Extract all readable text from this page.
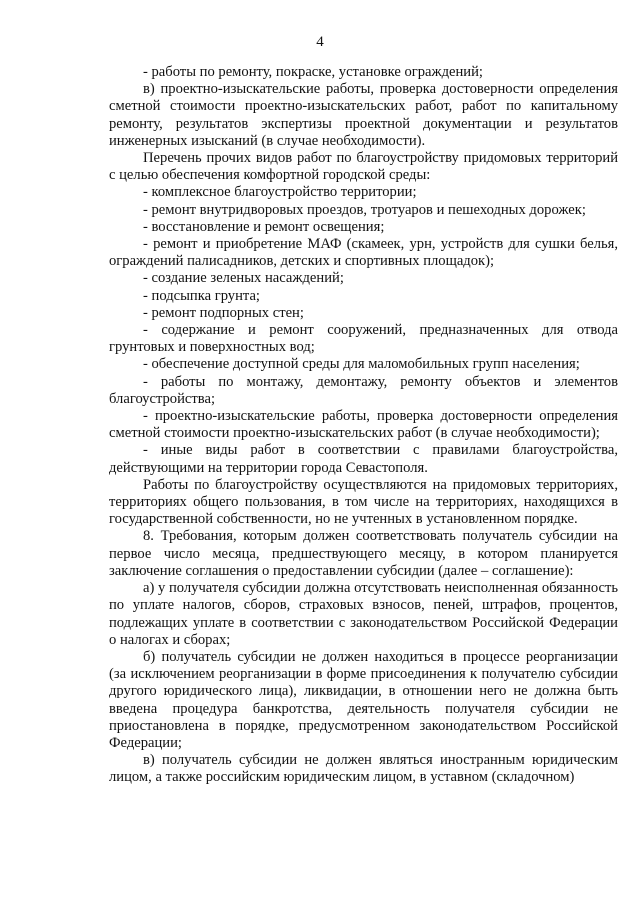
4

- работы по ремонту, покраске, установке ограждений;

в) проектно-изыскательские работы, проверка достоверности определения сметной стоимости проектно-изыскательских работ, работ по капитальному ремонту, результатов экспертизы проектной документации и результатов инженерных изысканий (в случае необходимости).

Перечень прочих видов работ по благоустройству придомовых территорий с целью обеспечения комфортной городской среды:

- комплексное благоустройство территории;

- ремонт внутридворовых проездов, тротуаров и пешеходных дорожек;

- восстановление и ремонт освещения;

- ремонт и приобретение МАФ (скамеек, урн, устройств для сушки белья, ограждений палисадников, детских и спортивных площадок);

- создание зеленых насаждений;

- подсыпка грунта;

- ремонт подпорных стен;

- содержание и ремонт сооружений, предназначенных для отвода грунтовых и поверхностных вод;

- обеспечение доступной среды для маломобильных групп населения;

- работы по монтажу, демонтажу, ремонту объектов и элементов благоустройства;

- проектно-изыскательские работы, проверка достоверности определения сметной стоимости проектно-изыскательских работ (в случае необходимости);

- иные виды работ в соответствии с правилами благоустройства, действующими на территории города Севастополя.

Работы по благоустройству осуществляются на придомовых территориях, территориях общего пользования, в том числе на территориях, находящихся в государственной собственности, но не учтенных в установленном порядке.

8. Требования, которым должен соответствовать получатель субсидии на первое число месяца, предшествующего месяцу, в котором планируется заключение соглашения о предоставлении субсидии (далее – соглашение):

а) у получателя субсидии должна отсутствовать неисполненная обязанность по уплате налогов, сборов, страховых взносов, пеней, штрафов, процентов, подлежащих уплате в соответствии с законодательством Российской Федерации о налогах и сборах;

б) получатель субсидии не должен находиться в процессе реорганизации (за исключением реорганизации в форме присоединения к получателю субсидии другого юридического лица), ликвидации, в отношении него не должна быть введена процедура банкротства, деятельность получателя субсидии не приостановлена в порядке, предусмотренном законодательством Российской Федерации;

в) получатель субсидии не должен являться иностранным юридическим лицом, а также российским юридическим лицом, в уставном (складочном)
